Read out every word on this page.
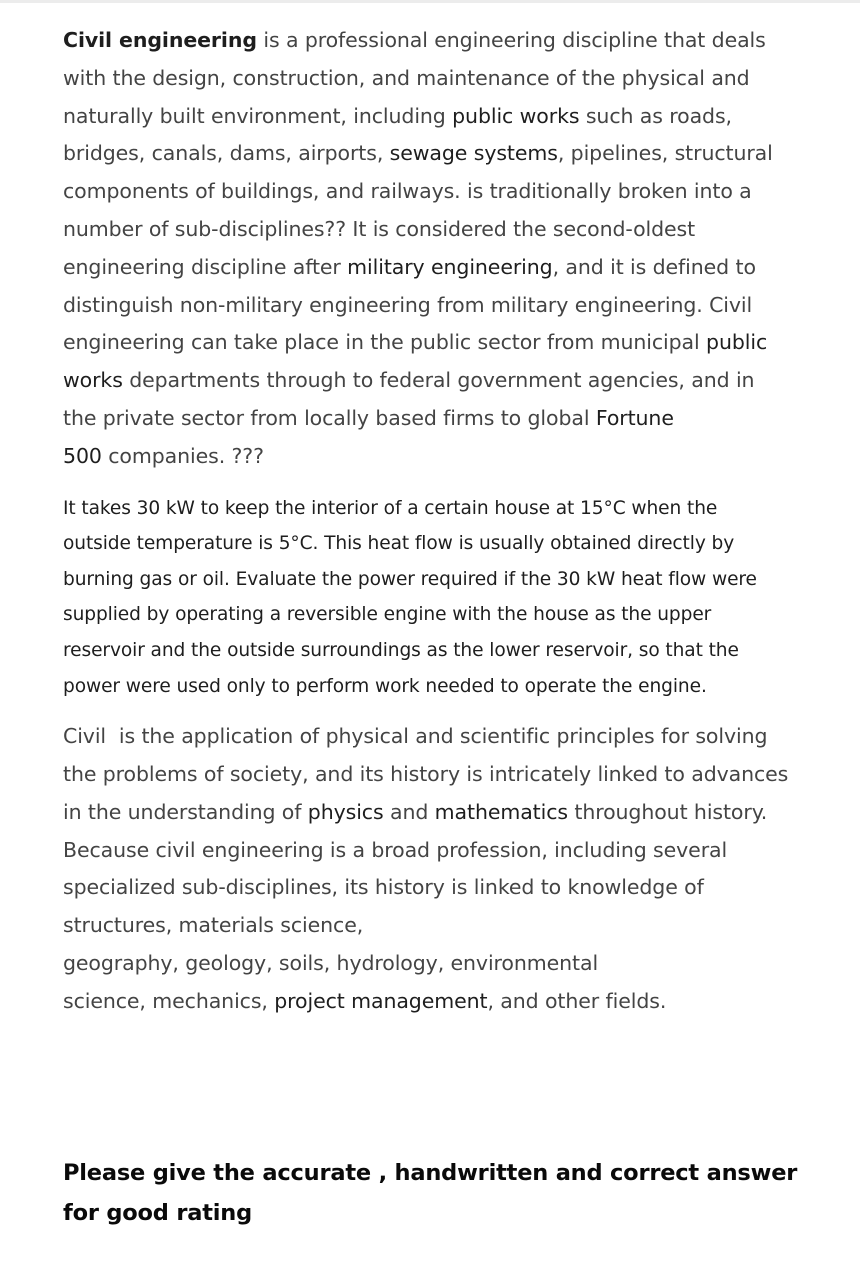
Civil engineering is a professional engineering discipline that deals
with the design, construction, and maintenance of the physical and
naturally built environment, including public works such as roads,
bridges, canals, dams, airports, sewage systems, pipelines, structural
components of buildings, and railways. is traditionally broken into a
number of sub-disciplines?? It is considered the second-oldest
engineering discipline after military engineering, and it is defined to
distinguish non-military engineering from military engineering. Civil
engineering can take place in the public sector from municipal public
works departments through to federal government agencies, and in
the private sector from locally based firms to global Fortune
500 companies. ???
It takes 30 kW to keep the interior of a certain house at 15°C when the
outside temperature is 5°C. This heat flow is usually obtained directly by
burning gas or oil. Evaluate the power required if the 30 kW heat flow were
supplied by operating a reversible engine with the house as the upper
reservoir and the outside surroundings as the lower reservoir, so that the
power were used only to perform work needed to operate the engine.
Civil  is the application of physical and scientific principles for solving
the problems of society, and its history is intricately linked to advances
in the understanding of physics and mathematics throughout history.
Because civil engineering is a broad profession, including several
specialized sub-disciplines, its history is linked to knowledge of
structures, materials science,
geography, geology, soils, hydrology, environmental
science, mechanics, project management, and other fields.
Please give the accurate , handwritten and correct answer
for good rating
